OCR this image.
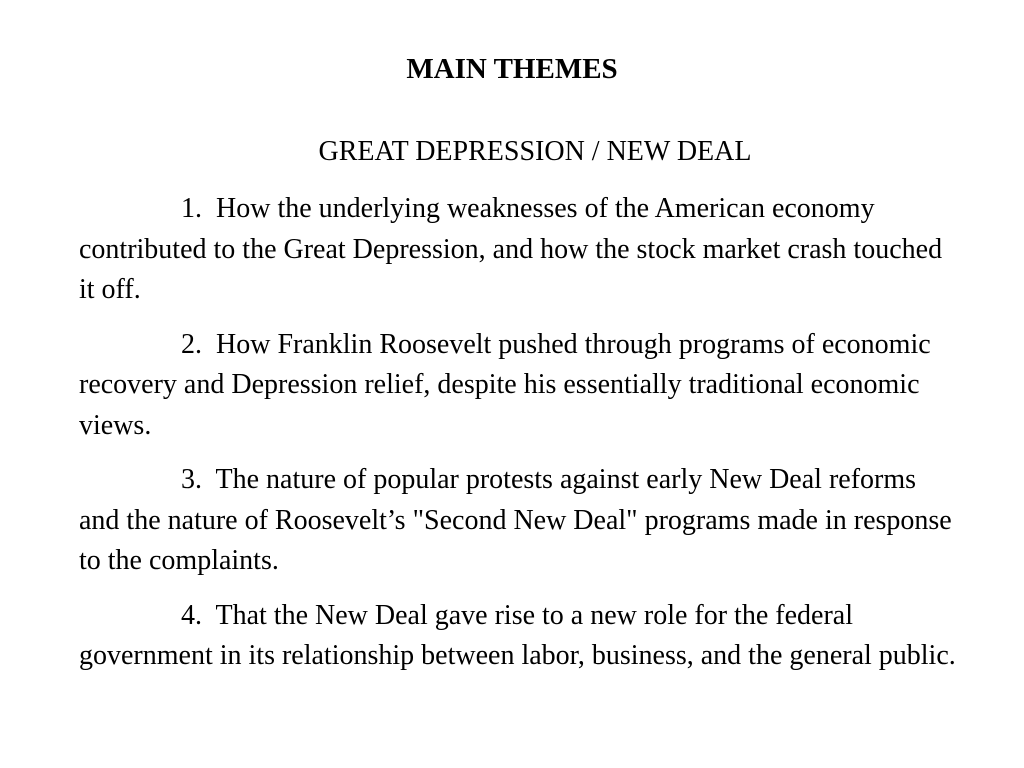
MAIN THEMES
GREAT DEPRESSION / NEW DEAL

1. How the underlying weaknesses of the American economy contributed to the Great Depression, and how the stock market crash touched it off.

2. How Franklin Roosevelt pushed through programs of economic recovery and Depression relief, despite his essentially traditional economic views.

3. The nature of popular protests against early New Deal reforms and the nature of Roosevelt’s "Second New Deal" programs made in response to the complaints.

4. That the New Deal gave rise to a new role for the federal government in its relationship between labor, business, and the general public.
